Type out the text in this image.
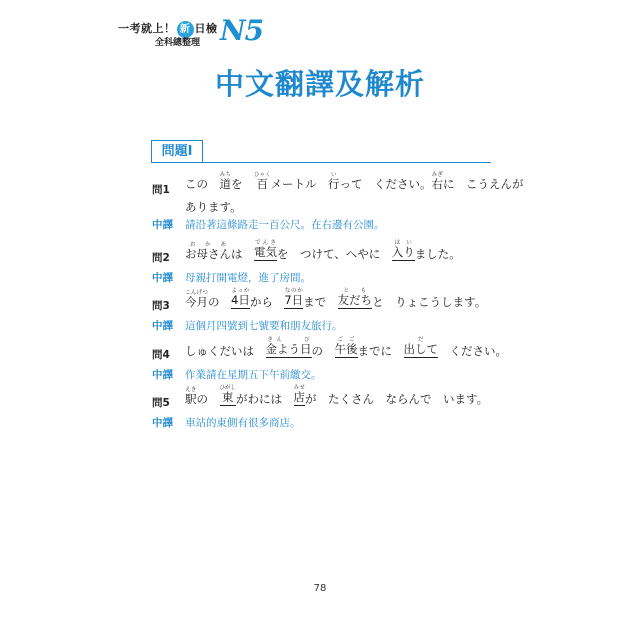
一考就上！ 新 日檢
全科總整理 N5
中文翻譯及解析
問題Ⅰ
問1 この　道みちを　百ひゃくメートル　行いって　ください。右みぎに　こうえんが
あります。
中譯 請沿著這條路走一百公尺。在右邊有公園。
問2 お母さんおかあは　電気でんきを　つけて、へやに　入りはいました。
中譯 母親打開電燈，進了房間。
問3 今月こんげつの　4日よっかから　7日なのかまで　友だちともと　りょこうします。
中譯 這個月四號到七號要和朋友旅行。
問4 しゅくだいは　金よう日きん　　びの　午後ごごまでに　出してだ　ください。
中譯 作業請在星期五下午前繳交。
問5 駅えきの　東ひがしがわには　店みせが　たくさん　ならんで　います。
中譯 車站的東側有很多商店。
78
